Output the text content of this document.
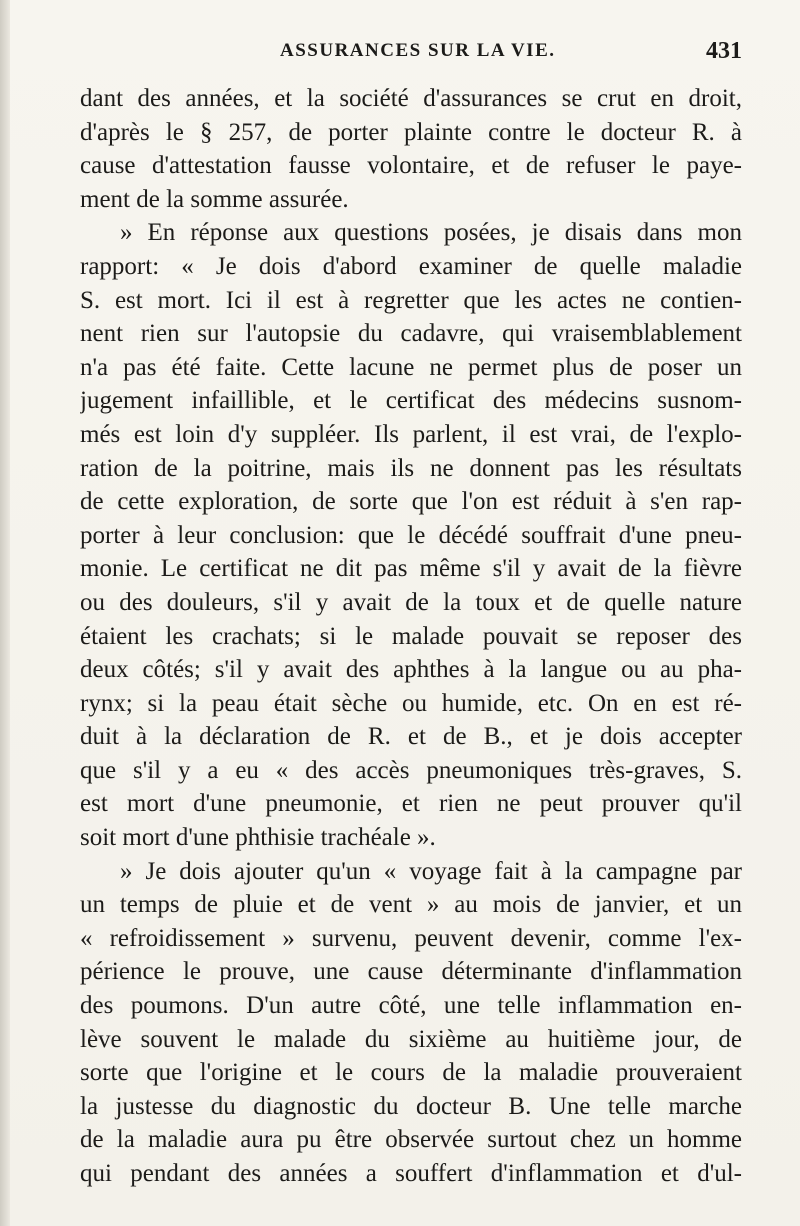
ASSURANCES SUR LA VIE.	431
dant des années, et la société d'assurances se crut en droit,
d'après le § 257, de porter plainte contre le docteur R. à
cause d'attestation fausse volontaire, et de refuser le paye-
ment de la somme assurée.
» En réponse aux questions posées, je disais dans mon
rapport: « Je dois d'abord examiner de quelle maladie
S. est mort. Ici il est à regretter que les actes ne contien-
nent rien sur l'autopsie du cadavre, qui vraisemblablement
n'a pas été faite. Cette lacune ne permet plus de poser un
jugement infaillible, et le certificat des médecins susnom-
més est loin d'y suppléer. Ils parlent, il est vrai, de l'explo-
ration de la poitrine, mais ils ne donnent pas les résultats
de cette exploration, de sorte que l'on est réduit à s'en rap-
porter à leur conclusion: que le décédé souffrait d'une pneu-
monie. Le certificat ne dit pas même s'il y avait de la fièvre
ou des douleurs, s'il y avait de la toux et de quelle nature
étaient les crachats; si le malade pouvait se reposer des
deux côtés; s'il y avait des aphthes à la langue ou au pha-
rynx; si la peau était sèche ou humide, etc. On en est ré-
duit à la déclaration de R. et de B., et je dois accepter
que s'il y a eu « des accès pneumoniques très-graves, S.
est mort d'une pneumonie, et rien ne peut prouver qu'il
soit mort d'une phthisie trachéale ».
» Je dois ajouter qu'un « voyage fait à la campagne par
un temps de pluie et de vent » au mois de janvier, et un
« refroidissement » survenu, peuvent devenir, comme l'ex-
périence le prouve, une cause déterminante d'inflammation
des poumons. D'un autre côté, une telle inflammation en-
lève souvent le malade du sixième au huitième jour, de
sorte que l'origine et le cours de la maladie prouveraient
la justesse du diagnostic du docteur B. Une telle marche
de la maladie aura pu être observée surtout chez un homme
qui pendant des années a souffert d'inflammation et d'ul-
